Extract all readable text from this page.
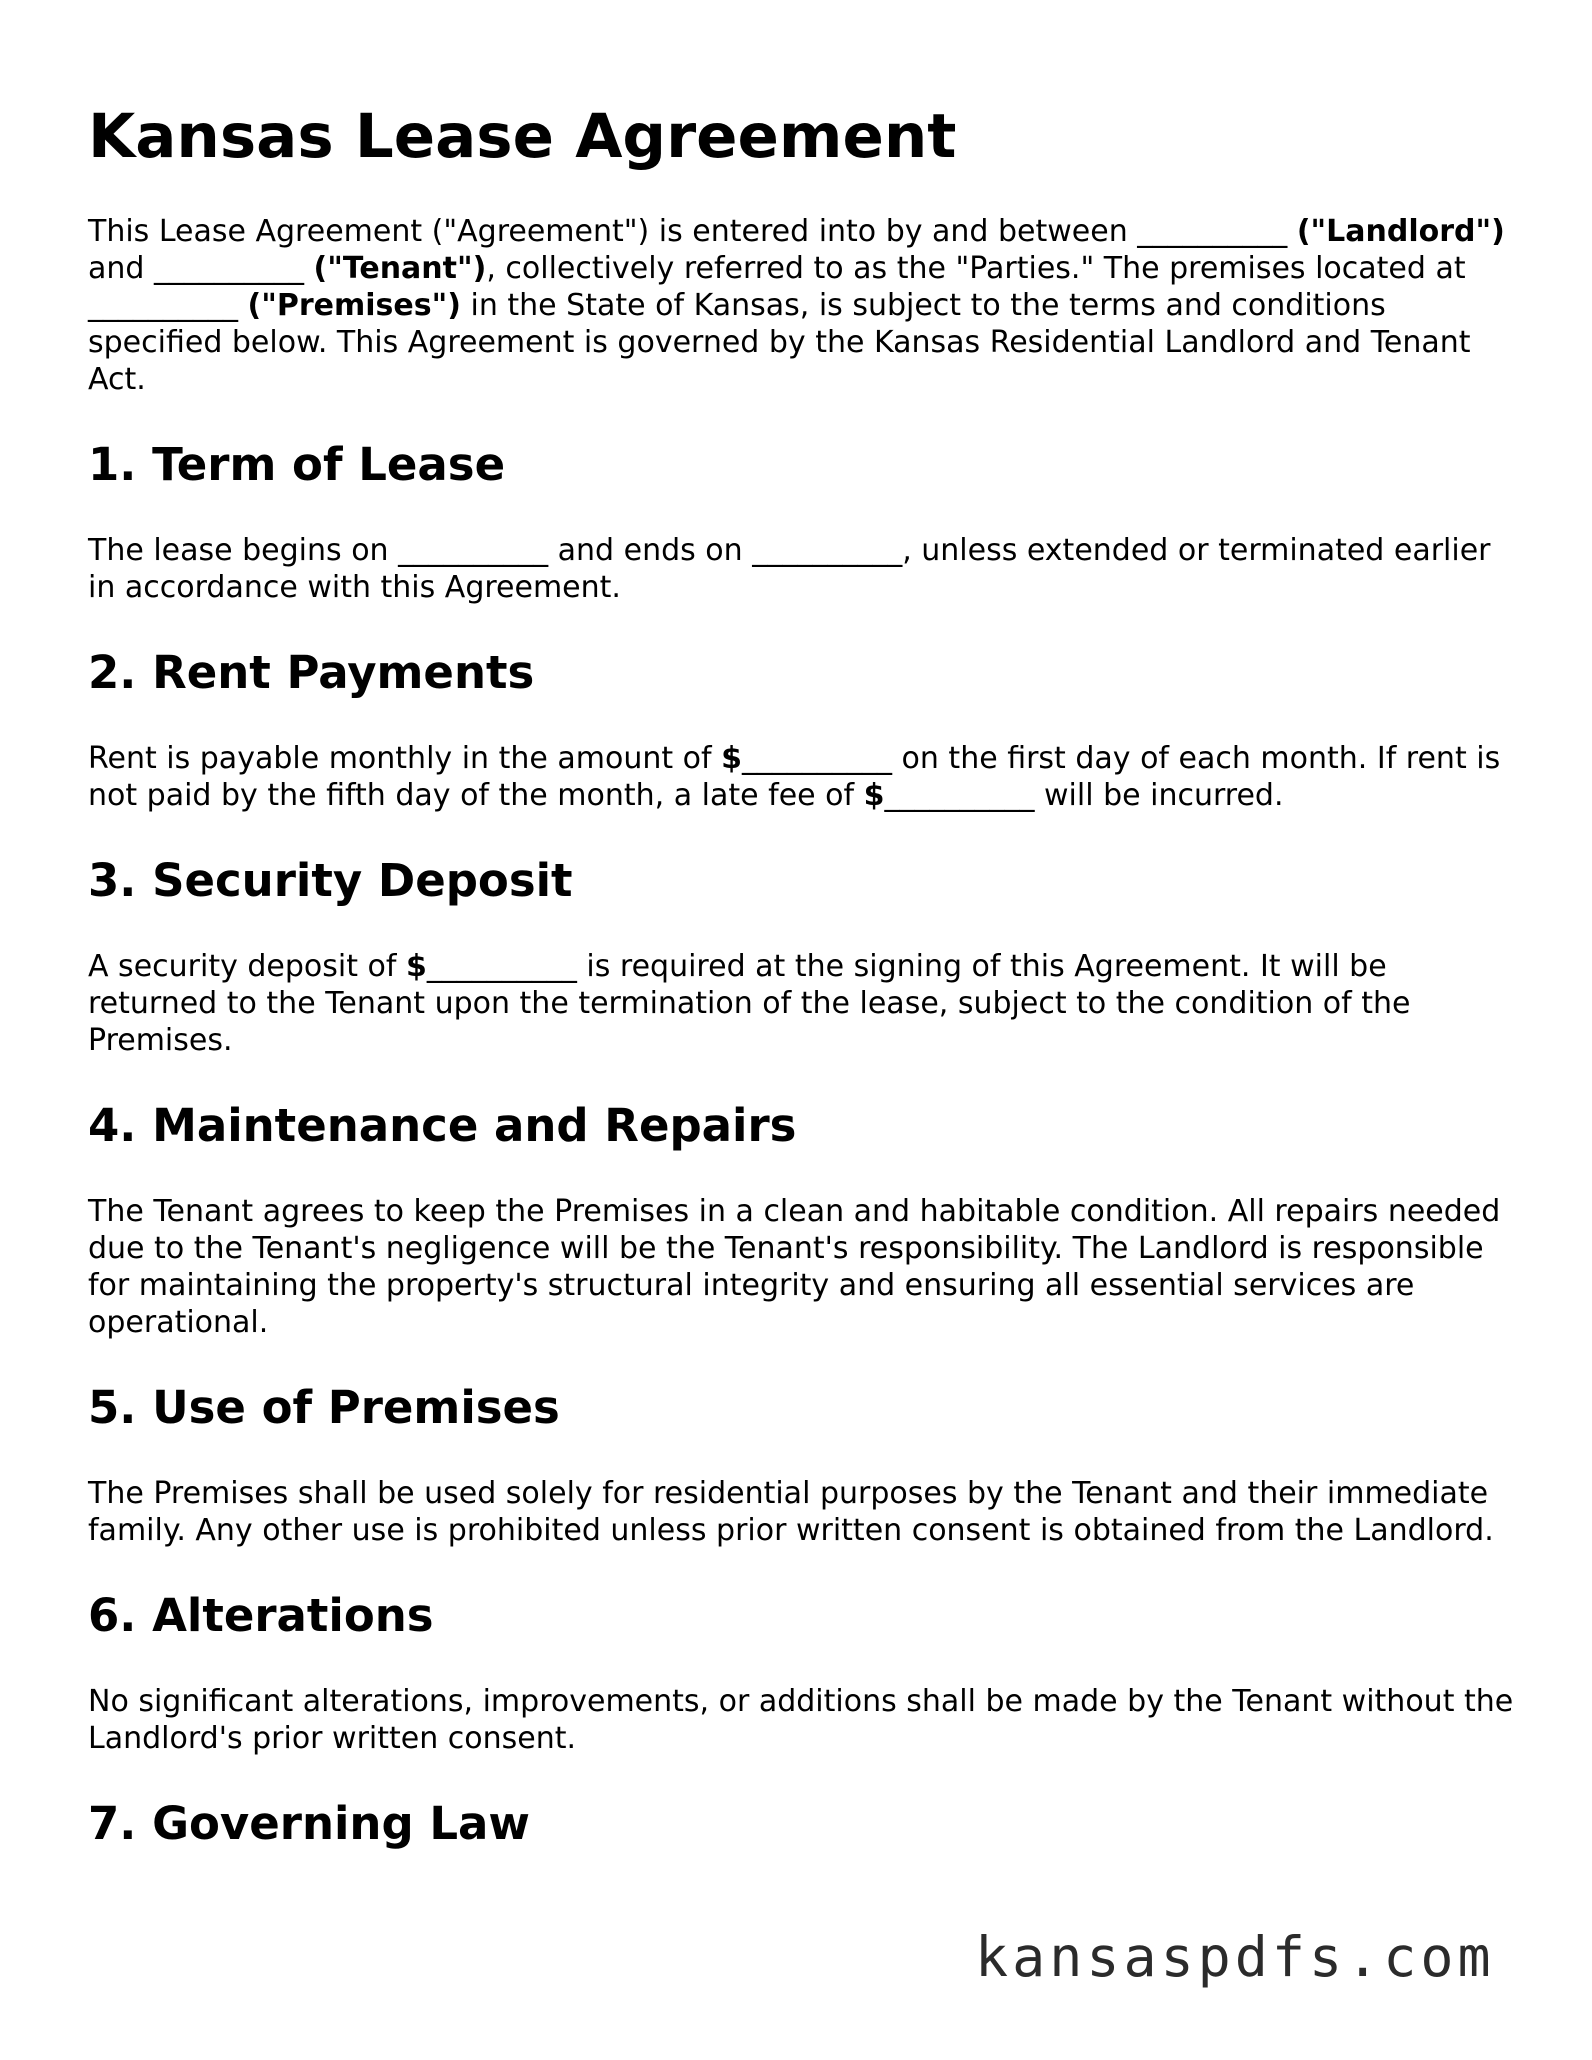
Kansas Lease Agreement

This Lease Agreement ("Agreement") is entered into by and between __________ ("Landlord") and __________ ("Tenant"), collectively referred to as the "Parties." The premises located at __________ ("Premises") in the State of Kansas, is subject to the terms and conditions specified below. This Agreement is governed by the Kansas Residential Landlord and Tenant Act.

1. Term of Lease

The lease begins on __________ and ends on __________, unless extended or terminated earlier in accordance with this Agreement.

2. Rent Payments

Rent is payable monthly in the amount of $__________ on the first day of each month. If rent is not paid by the fifth day of the month, a late fee of $__________ will be incurred.

3. Security Deposit

A security deposit of $__________ is required at the signing of this Agreement. It will be returned to the Tenant upon the termination of the lease, subject to the condition of the Premises.

4. Maintenance and Repairs

The Tenant agrees to keep the Premises in a clean and habitable condition. All repairs needed due to the Tenant's negligence will be the Tenant's responsibility. The Landlord is responsible for maintaining the property's structural integrity and ensuring all essential services are operational.

5. Use of Premises

The Premises shall be used solely for residential purposes by the Tenant and their immediate family. Any other use is prohibited unless prior written consent is obtained from the Landlord.

6. Alterations

No significant alterations, improvements, or additions shall be made by the Tenant without the Landlord's prior written consent.

7. Governing Law
kansaspdfs.com
